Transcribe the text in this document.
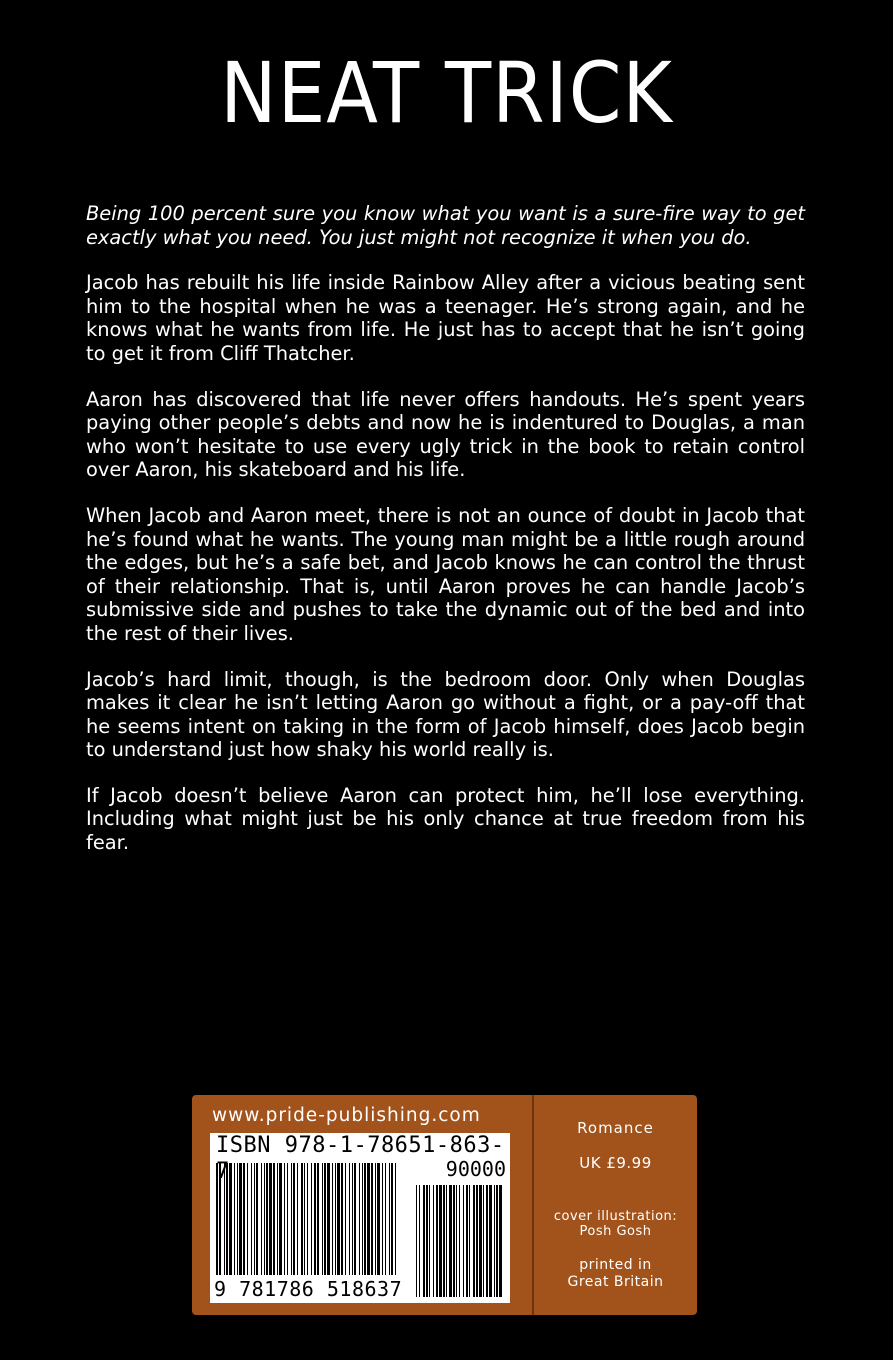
NEAT TRICK

Being 100 percent sure you know what you want is a sure-fire way to get exactly what you need. You just might not recognize it when you do.

Jacob has rebuilt his life inside Rainbow Alley after a vicious beating sent him to the hospital when he was a teenager. He’s strong again, and he knows what he wants from life. He just has to accept that he isn’t going to get it from Cliff Thatcher.

Aaron has discovered that life never offers handouts. He’s spent years paying other people’s debts and now he is indentured to Douglas, a man who won’t hesitate to use every ugly trick in the book to retain control over Aaron, his skateboard and his life.

When Jacob and Aaron meet, there is not an ounce of doubt in Jacob that he’s found what he wants. The young man might be a little rough around the edges, but he’s a safe bet, and Jacob knows he can control the thrust of their relationship. That is, until Aaron proves he can handle Jacob’s submissive side and pushes to take the dynamic out of the bed and into the rest of their lives.

Jacob’s hard limit, though, is the bedroom door. Only when Douglas makes it clear he isn’t letting Aaron go without a fight, or a pay-off that he seems intent on taking in the form of Jacob himself, does Jacob begin to understand just how shaky his world really is.

If Jacob doesn’t believe Aaron can protect him, he’ll lose everything. Including what might just be his only chance at true freedom from his fear.

www.pride-publishing.com
ISBN 978-1-78651-863-7	90000
9 781786 518637
Romance
UK £9.99
cover illustration:
Posh Gosh
printed in
Great Britain
